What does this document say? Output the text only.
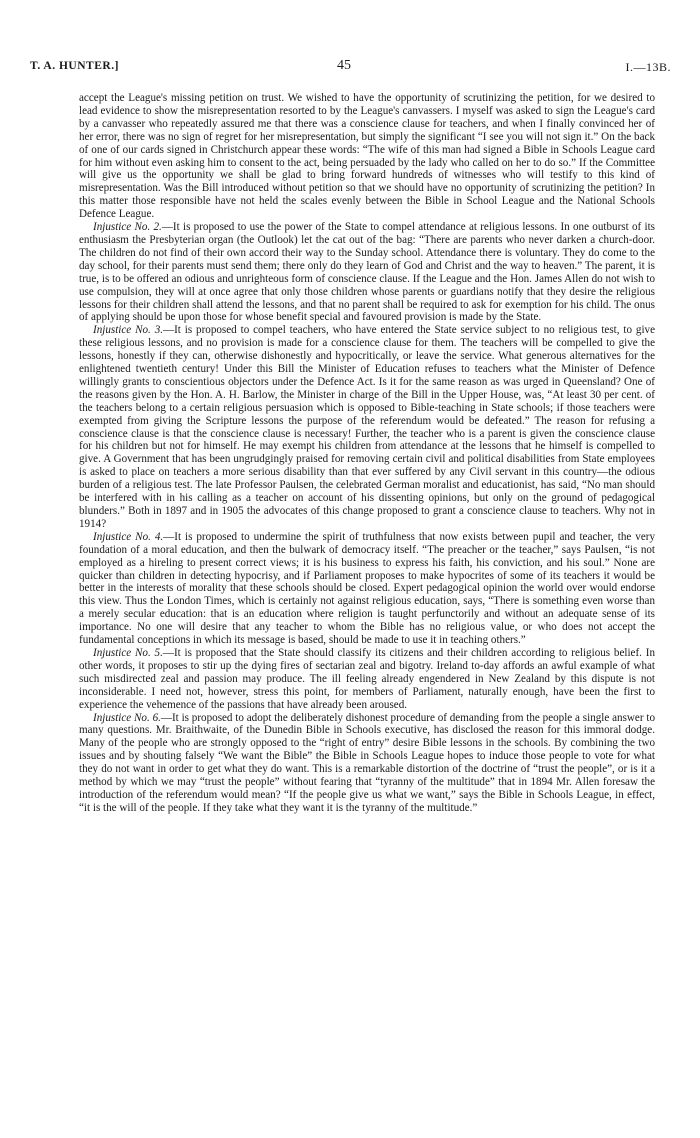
T. A. HUNTER.]	45	I.—13B.

accept the League's missing petition on trust. We wished to have the opportunity of scrutinizing the petition, for we desired to lead evidence to show the misrepresentation resorted to by the League's canvassers. I myself was asked to sign the League's card by a canvasser who repeatedly assured me that there was a conscience clause for teachers, and when I finally convinced her of her error, there was no sign of regret for her misrepresentation, but simply the significant “I see you will not sign it.” On the back of one of our cards signed in Christchurch appear these words: “The wife of this man had signed a Bible in Schools League card for him without even asking him to consent to the act, being persuaded by the lady who called on her to do so.” If the Committee will give us the opportunity we shall be glad to bring forward hundreds of witnesses who will testify to this kind of misrepresentation. Was the Bill introduced without petition so that we should have no opportunity of scrutinizing the petition? In this matter those responsible have not held the scales evenly between the Bible in School League and the National Schools Defence League.

Injustice No. 2.—It is proposed to use the power of the State to compel attendance at religious lessons. In one outburst of its enthusiasm the Presbyterian organ (the Outlook) let the cat out of the bag: “There are parents who never darken a church-door. The children do not find of their own accord their way to the Sunday school. Attendance there is voluntary. They do come to the day school, for their parents must send them; there only do they learn of God and Christ and the way to heaven.” The parent, it is true, is to be offered an odious and unrighteous form of conscience clause. If the League and the Hon. James Allen do not wish to use compulsion, they will at once agree that only those children whose parents or guardians notify that they desire the religious lessons for their children shall attend the lessons, and that no parent shall be required to ask for exemption for his child. The onus of applying should be upon those for whose benefit special and favoured provision is made by the State.

Injustice No. 3.—It is proposed to compel teachers, who have entered the State service subject to no religious test, to give these religious lessons, and no provision is made for a conscience clause for them. The teachers will be compelled to give the lessons, honestly if they can, otherwise dishonestly and hypocritically, or leave the service. What generous alternatives for the enlightened twentieth century! Under this Bill the Minister of Education refuses to teachers what the Minister of Defence willingly grants to conscientious objectors under the Defence Act. Is it for the same reason as was urged in Queensland? One of the reasons given by the Hon. A. H. Barlow, the Minister in charge of the Bill in the Upper House, was, “At least 30 per cent. of the teachers belong to a certain religious persuasion which is opposed to Bible-teaching in State schools; if those teachers were exempted from giving the Scripture lessons the purpose of the referendum would be defeated.” The reason for refusing a conscience clause is that the conscience clause is necessary! Further, the teacher who is a parent is given the conscience clause for his children but not for himself. He may exempt his children from attendance at the lessons that he himself is compelled to give. A Government that has been ungrudgingly praised for removing certain civil and political disabilities from State employees is asked to place on teachers a more serious disability than that ever suffered by any Civil servant in this country—the odious burden of a religious test. The late Professor Paulsen, the celebrated German moralist and educationist, has said, “No man should be interfered with in his calling as a teacher on account of his dissenting opinions, but only on the ground of pedagogical blunders.” Both in 1897 and in 1905 the advocates of this change proposed to grant a conscience clause to teachers. Why not in 1914?

Injustice No. 4.—It is proposed to undermine the spirit of truthfulness that now exists between pupil and teacher, the very foundation of a moral education, and then the bulwark of democracy itself. “The preacher or the teacher,” says Paulsen, “is not employed as a hireling to present correct views; it is his business to express his faith, his conviction, and his soul.” None are quicker than children in detecting hypocrisy, and if Parliament proposes to make hypocrites of some of its teachers it would be better in the interests of morality that these schools should be closed. Expert pedagogical opinion the world over would endorse this view. Thus the London Times, which is certainly not against religious education, says, “There is something even worse than a merely secular education: that is an education where religion is taught perfunctorily and without an adequate sense of its importance. No one will desire that any teacher to whom the Bible has no religious value, or who does not accept the fundamental conceptions in which its message is based, should be made to use it in teaching others.”

Injustice No. 5.—It is proposed that the State should classify its citizens and their children according to religious belief. In other words, it proposes to stir up the dying fires of sectarian zeal and bigotry. Ireland to-day affords an awful example of what such misdirected zeal and passion may produce. The ill feeling already engendered in New Zealand by this dispute is not inconsiderable. I need not, however, stress this point, for members of Parliament, naturally enough, have been the first to experience the vehemence of the passions that have already been aroused.

Injustice No. 6.—It is proposed to adopt the deliberately dishonest procedure of demanding from the people a single answer to many questions. Mr. Braithwaite, of the Dunedin Bible in Schools executive, has disclosed the reason for this immoral dodge. Many of the people who are strongly opposed to the “right of entry” desire Bible lessons in the schools. By combining the two issues and by shouting falsely “We want the Bible” the Bible in Schools League hopes to induce those people to vote for what they do not want in order to get what they do want. This is a remarkable distortion of the doctrine of “trust the people”, or is it a method by which we may “trust the people” without fearing that “tyranny of the multitude” that in 1894 Mr. Allen foresaw the introduction of the referendum would mean? “If the people give us what we want,” says the Bible in Schools League, in effect, “it is the will of the people. If they take what they want it is the tyranny of the multitude.”
